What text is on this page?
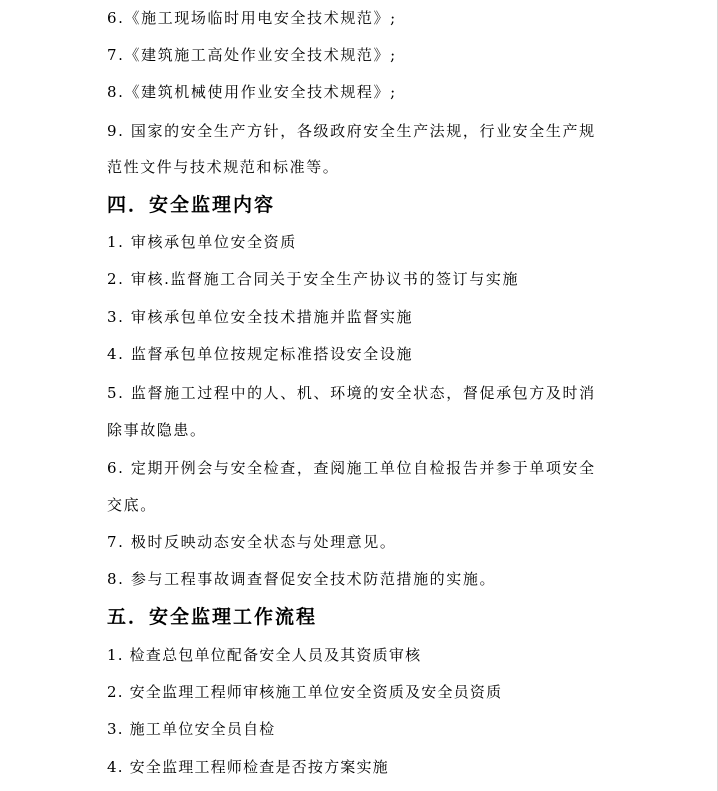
6.《施工现场临时用电安全技术规范》;
7.《建筑施工高处作业安全技术规范》;
8.《建筑机械使用作业安全技术规程》;
9. 国家的安全生产方针，各级政府安全生产法规，行业安全生产规
范性文件与技术规范和标准等。
四．安全监理内容
1. 审核承包单位安全资质
2. 审核.监督施工合同关于安全生产协议书的签订与实施
3. 审核承包单位安全技术措施并监督实施
4. 监督承包单位按规定标准搭设安全设施
5. 监督施工过程中的人、机、环境的安全状态，督促承包方及时消
除事故隐患。
6. 定期开例会与安全检查，查阅施工单位自检报告并参于单项安全
交底。
7. 极时反映动态安全状态与处理意见。
8. 参与工程事故调查督促安全技术防范措施的实施。
五．安全监理工作流程
1. 检查总包单位配备安全人员及其资质审核
2. 安全监理工程师审核施工单位安全资质及安全员资质
3. 施工单位安全员自检
4. 安全监理工程师检查是否按方案实施
